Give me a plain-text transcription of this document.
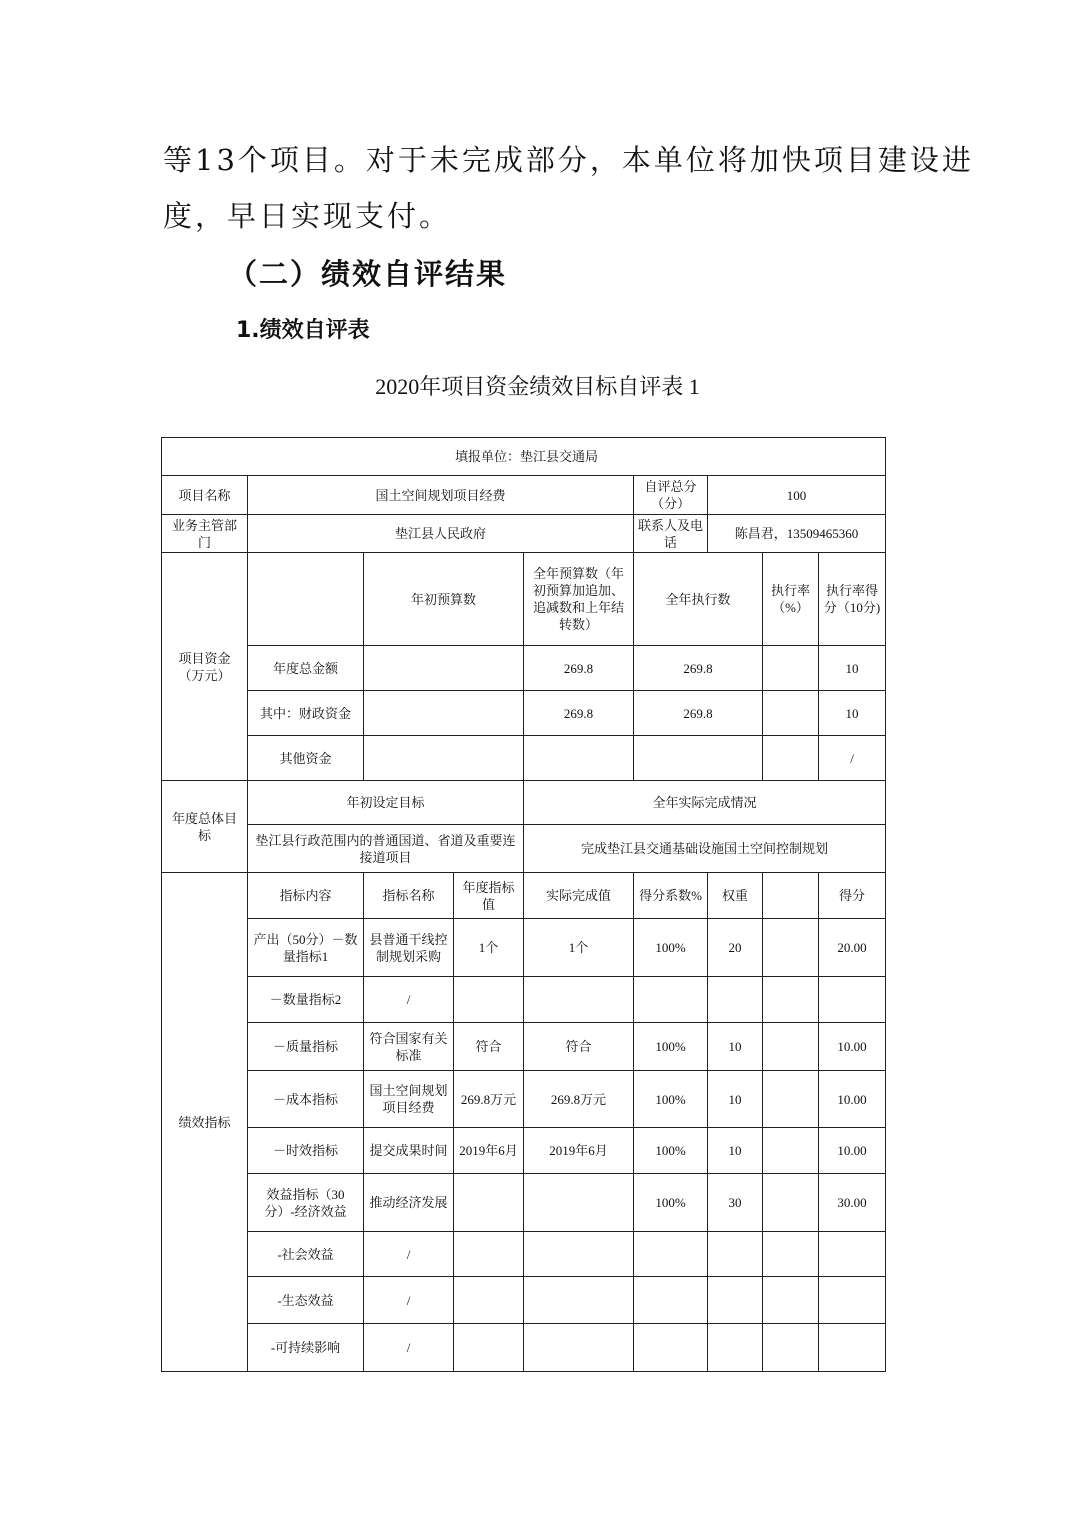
等13个项目。对于未完成部分，本单位将加快项目建设进
度，早日实现支付。
（二）绩效自评结果
1.绩效自评表
2020年项目资金绩效目标自评表 1
填报单位：垫江县交通局								
项目名称	国土空间规划项目经费				自评总分（分）	100		
业务主管部门	垫江县人民政府				联系人及电话	陈昌君，13509465360		
项目资金（万元）		年初预算数		全年预算数（年初预算加追加、追减数和上年结转数）	全年执行数		执行率（%）	执行率得分（10分)
	年度总金额			269.8	269.8			10
	其中：财政资金			269.8	269.8			10
	其他资金							/
年度总体目标	年初设定目标			全年实际完成情况				
	垫江县行政范围内的普通国道、省道及重要连接道项目			完成垫江县交通基础设施国土空间控制规划				
绩效指标	指标内容	指标名称	年度指标值	实际完成值	得分系数%	权重		得分
	产出（50分）－数量指标1	县普通干线控制规划采购	1个	1个	100%	20		20.00
	－数量指标2	/						
	－质量指标	符合国家有关标准	符合	符合	100%	10		10.00
	－成本指标	国土空间规划项目经费	269.8万元	269.8万元	100%	10		10.00
	－时效指标	提交成果时间	2019年6月	2019年6月	100%	10		10.00
	效益指标（30分）-经济效益	推动经济发展			100%	30		30.00
	-社会效益	/						
	-生态效益	/						
	-可持续影响	/						
